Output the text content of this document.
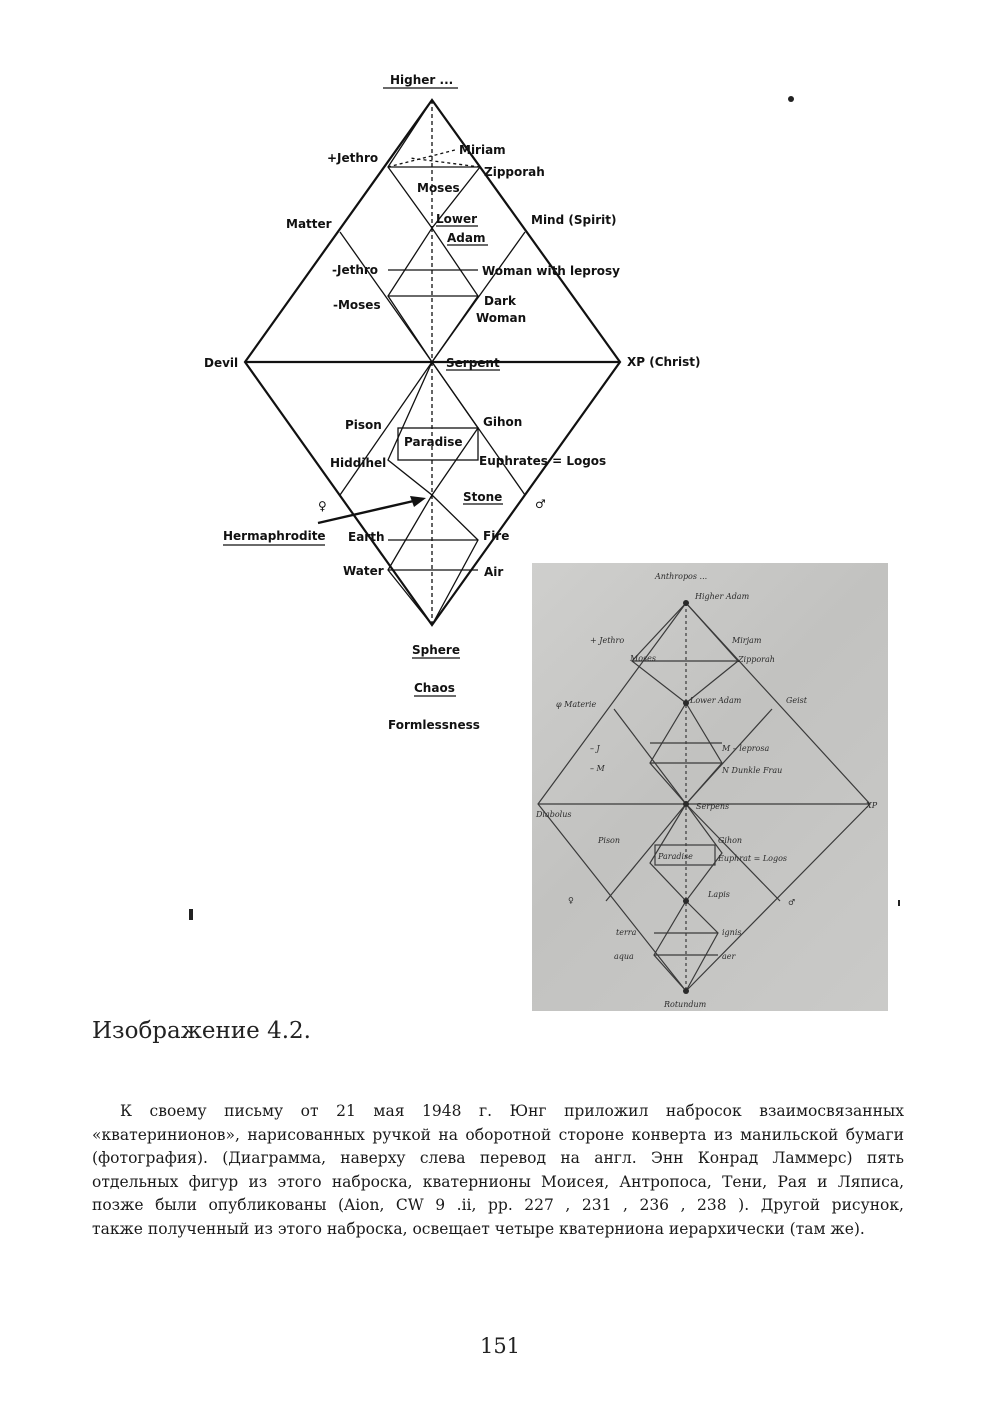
Higher ...
+Jethro
Miriam
Zipporah
Moses
Matter	Lower
Adam
Mind (Spirit)
-Jethro	Woman with leprosy
-Moses	Dark
Woman
Devil	Serpent	XP (Christ)
Pison	Gihon
Paradise
Hiddihel	Euphrates = Logos
♀
Stone	♂
Hermaphrodite Earth	Fire
Water	Air
Sphere
Chaos
Formlessness
Anthropos ...
Higher Adam
+ Jethro	Mirjam
Moses	Zipporah
φ Materie	Lower Adam	Geist
– J
– M
M – leprosa
N Dunkle Frau
Diabolus
Serpens	XP
Pison	Gihon
Paradise	Euphrat = Logos
♀
Lapis
♂
terra
aqua
ignis
aer
Rotundum
Изображение 4.2.
К своему письму от 21 мая 1948 г. Юнг приложил набросок взаимосвязанных
«кватеринионов», нарисованных ручкой на оборотной стороне конверта из манильской бумаги
(фотография). (Диаграмма, наверху слева перевод на англ. Энн Конрад Ламмерс) пять
отдельных фигур из этого наброска, кватернионы Моисея, Антропоса, Тени, Рая и Ляписа,
позже были опубликованы (Aion, CW 9 .ii, pp. 227 , 231 , 236 , 238 ). Другой рисунок,
также полученный из этого наброска, освещает четыре кватерниона иерархически (там же).
151
